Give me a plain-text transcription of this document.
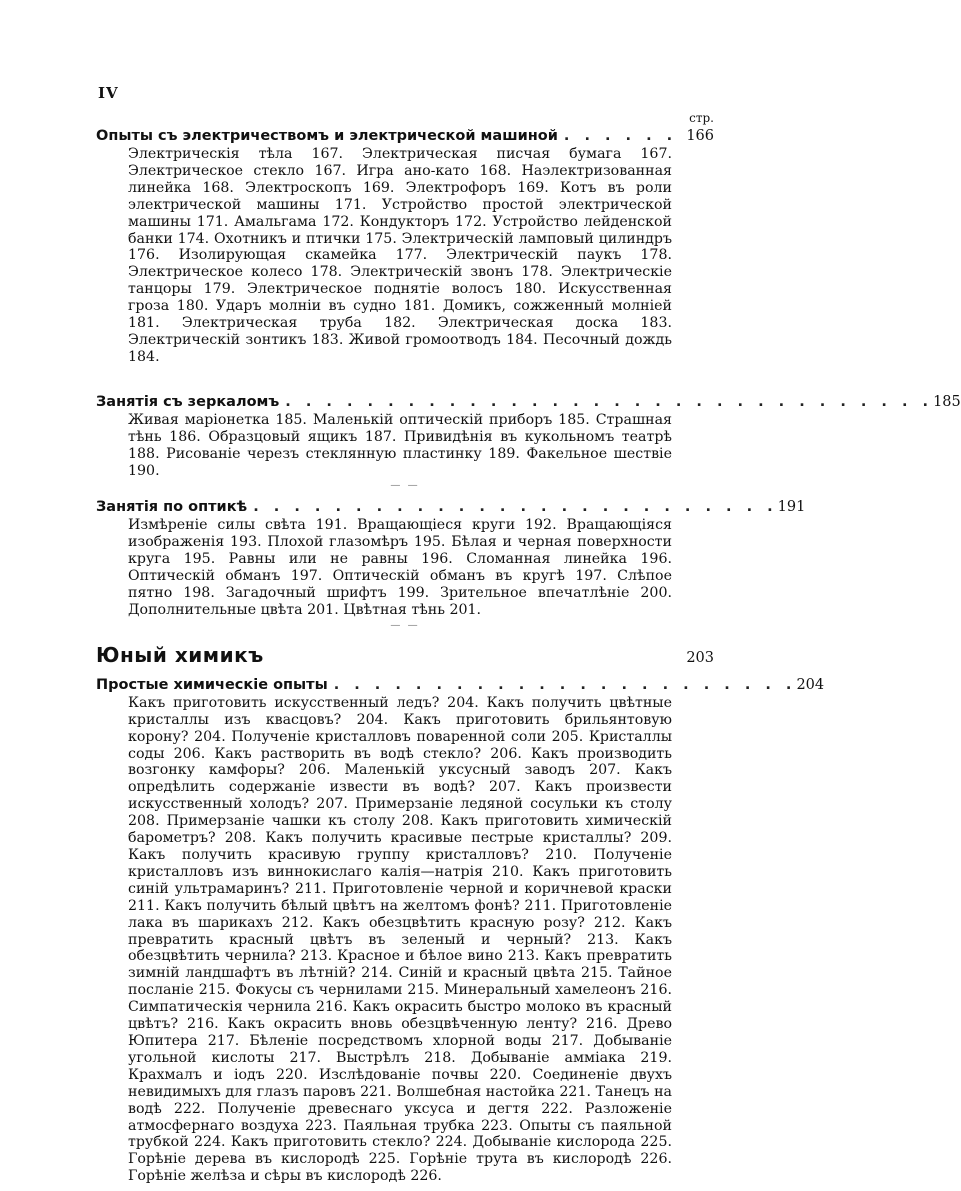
IV
стр.
Опыты съ электричествомъ и электрической машиной . . . . . . 166
Электрическія тѣла 167. Электрическая писчая бумага 167. Электрическое стекло 167. Игра ано-като 168. Наэлектризованная линейка 168. Электроскопъ 169. Электрофоръ 169. Котъ въ роли электрической машины 171. Устройство простой электрической машины 171. Амальгама 172. Кондукторъ 172. Устройство лейденской банки 174. Охотникъ и птички 175. Электрическій ламповый цилиндръ 176. Изолирующая скамейка 177. Электрическій паукъ 178. Электрическое колесо 178. Электрическій звонъ 178. Электрическіе танцоры 179. Электрическое поднятіе волосъ 180. Искусственная гроза 180. Ударъ молніи въ судно 181. Домикъ, сожженный молніей 181. Электрическая труба 182. Электрическая доска 183. Электрическій зонтикъ 183. Живой громоотводъ 184. Песочный дождь 184.
Занятія съ зеркаломъ . . . . . . . . . . . . . . . . . . . . . . . . . . . . . . . . 185
Живая маріонетка 185. Маленькій оптическій приборъ 185. Страшная тѣнь 186. Образцовый ящикъ 187. Привидѣнія въ кукольномъ театрѣ 188. Рисованіе черезъ стеклянную пластинку 189. Факельное шествіе 190.
— —
Занятія по оптикѣ . . . . . . . . . . . . . . . . . . . . . . . . . . 191
Измѣреніе силы свѣта 191. Вращающіеся круги 192. Вращающіяся изображенія 193. Плохой глазомѣръ 195. Бѣлая и черная поверхности круга 195. Равны или не равны 196. Сломанная линейка 196. Оптическій обманъ 197. Оптическій обманъ въ кругѣ 197. Слѣпое пятно 198. Загадочный шрифтъ 199. Зрительное впечатлѣніе 200. Дополнительные цвѣта 201. Цвѣтная тѣнь 201.
— —
Юный химикъ	203
Простые химическіе опыты . . . . . . . . . . . . . . . . . . . . . . . 204
Какъ приготовить искусственный ледъ? 204. Какъ получить цвѣтные кристаллы изъ квасцовъ? 204. Какъ приготовить брильянтовую корону? 204. Полученіе кристалловъ поваренной соли 205. Кристаллы соды 206. Какъ растворить въ водѣ стекло? 206. Какъ производить возгонку камфоры? 206. Маленькій уксусный заводъ 207. Какъ опредѣлить содержаніе извести въ водѣ? 207. Какъ произвести искусственный холодъ? 207. Примерзаніе ледяной сосульки къ столу 208. Примерзаніе чашки къ столу 208. Какъ приготовить химическій барометръ? 208. Какъ получить красивые пестрые кристаллы? 209. Какъ получить красивую группу кристалловъ? 210. Полученіе кристалловъ изъ виннокислаго калія—натрія 210. Какъ приготовить синій ультрамаринъ? 211. Приготовленіе черной и коричневой краски 211. Какъ получить бѣлый цвѣтъ на желтомъ фонѣ? 211. Приготовленіе лака въ шарикахъ 212. Какъ обезцвѣтить красную розу? 212. Какъ превратить красный цвѣтъ въ зеленый и черный? 213. Какъ обезцвѣтить чернила? 213. Красное и бѣлое вино 213. Какъ превратить зимній ландшафтъ въ лѣтній? 214. Синій и красный цвѣта 215. Тайное посланіе 215. Фокусы съ чернилами 215. Минеральный хамелеонъ 216. Симпатическія чернила 216. Какъ окрасить быстро молоко въ красный цвѣтъ? 216. Какъ окрасить вновь обезцвѣченную ленту? 216. Древо Юпитера 217. Бѣленіе посредствомъ хлорной воды 217. Добываніе угольной кислоты 217. Выстрѣлъ 218. Добываніе амміака 219. Крахмалъ и іодъ 220. Изслѣдованіе почвы 220. Соединеніе двухъ невидимыхъ для глазъ паровъ 221. Волшебная настойка 221. Танецъ на водѣ 222. Полученіе древеснаго уксуса и дегтя 222. Разложеніе атмосфернаго воздуха 223. Паяльная трубка 223. Опыты съ паяльной трубкой 224. Какъ приготовить стекло? 224. Добываніе кислорода 225. Горѣніе дерева въ кислородѣ 225. Горѣніе трута въ кислородѣ 226. Горѣніе желѣза и сѣры въ кислородѣ 226.
